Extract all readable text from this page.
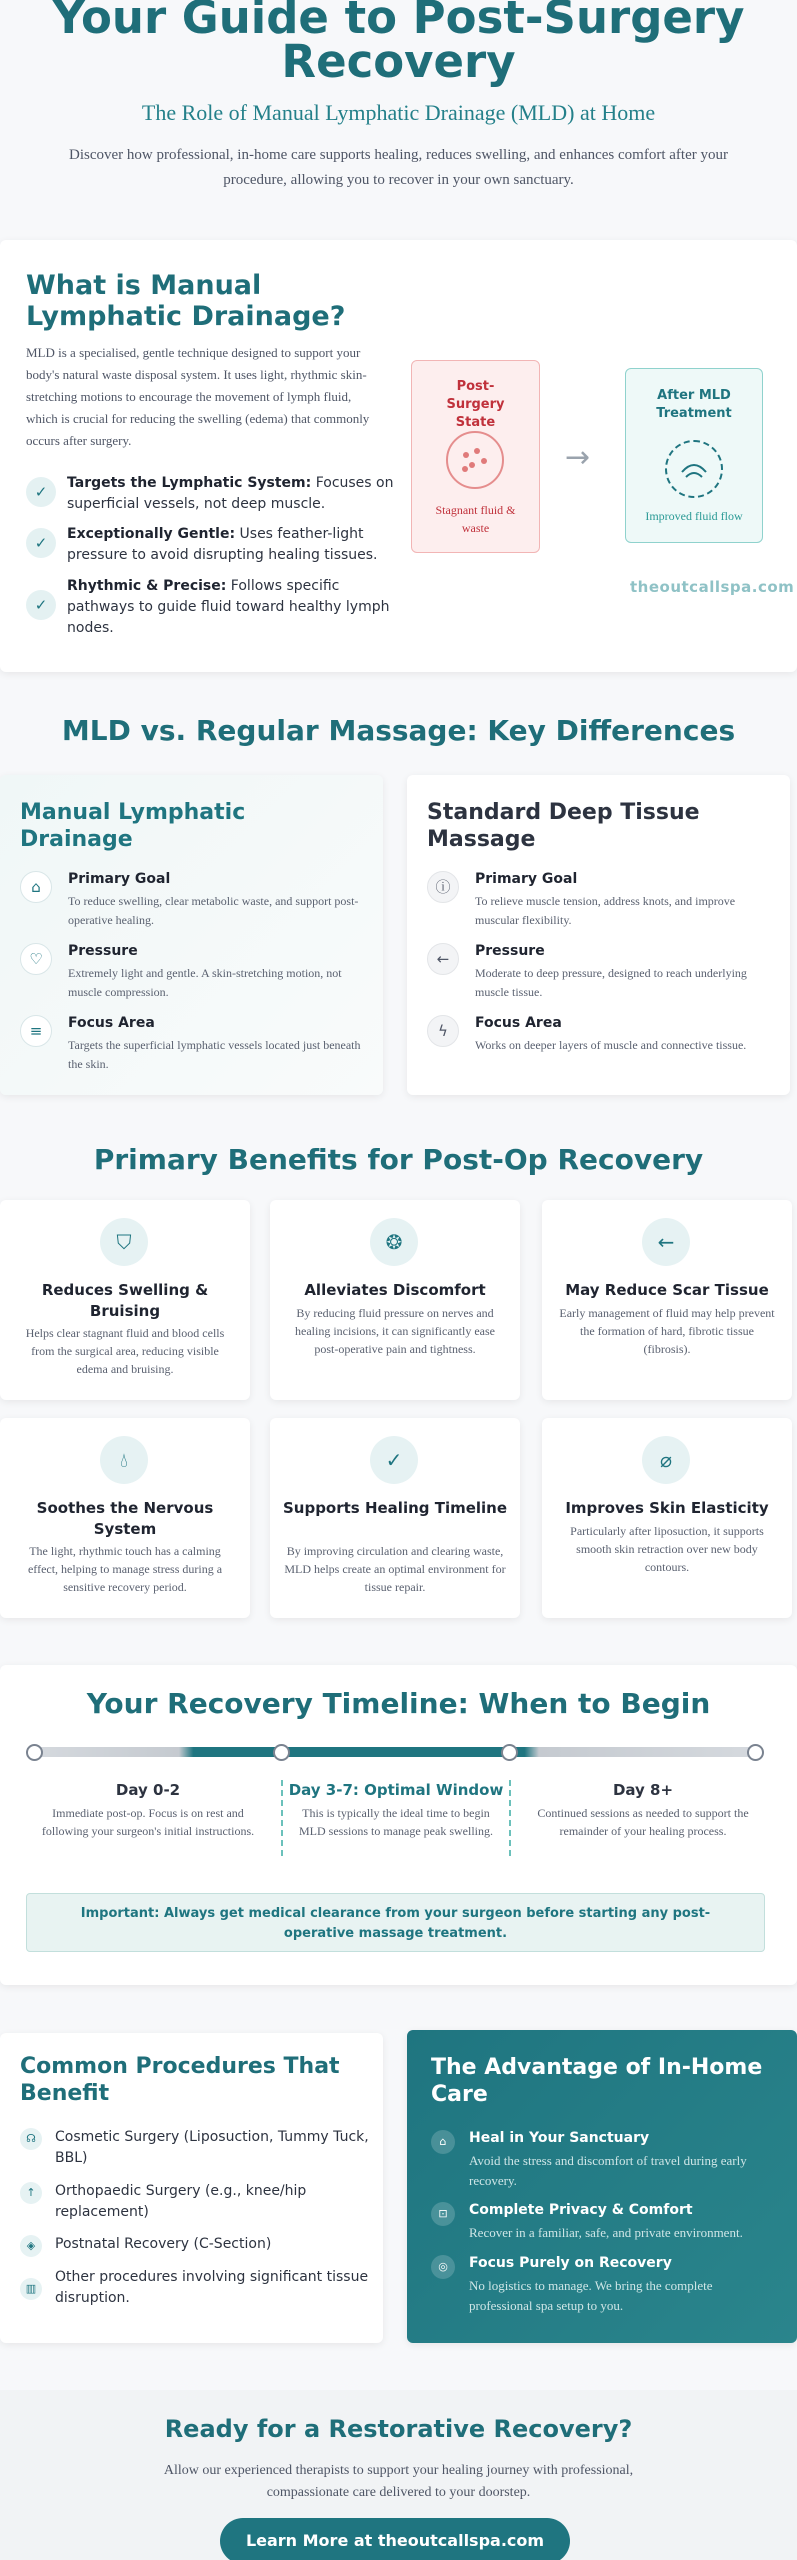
Your Guide to Post-Surgery Recovery
The Role of Manual Lymphatic Drainage (MLD) at Home
Discover how professional, in-home care supports healing, reduces swelling, and enhances comfort after your procedure, allowing you to recover in your own sanctuary.
What is Manual Lymphatic Drainage?
MLD is a specialised, gentle technique designed to support your body's natural waste disposal system. It uses light, rhythmic skin-stretching motions to encourage the movement of lymph fluid, which is crucial for reducing the swelling (edema) that commonly occurs after surgery.
✓	Targets the Lymphatic System: Focuses on superficial vessels, not deep muscle.
✓	Exceptionally Gentle: Uses feather-light pressure to avoid disrupting healing tissues.
✓
Rhythmic & Precise: Follows specific pathways to guide fluid toward healthy lymph nodes.
Post-Surgery State
Stagnant fluid & waste
→
After MLD Treatment
Improved fluid flow
theoutcallspa.com
MLD vs. Regular Massage: Key Differences
Manual Lymphatic Drainage
⌂	Primary Goal
To reduce swelling, clear metabolic waste, and support post-operative healing.
♡	Pressure
Extremely light and gentle. A skin-stretching motion, not muscle compression.
≡	Focus Area
Targets the superficial lymphatic vessels located just beneath the skin.
Standard Deep Tissue Massage
ⓘ	Primary Goal
To relieve muscle tension, address knots, and improve muscular flexibility.
←	Pressure
Moderate to deep pressure, designed to reach underlying muscle tissue.
ϟ	Focus Area
Works on deeper layers of muscle and connective tissue.
Primary Benefits for Post-Op Recovery
⛉
Reduces Swelling & Bruising
Helps clear stagnant fluid and blood cells from the surgical area, reducing visible edema and bruising.
❂
Alleviates Discomfort
By reducing fluid pressure on nerves and healing incisions, it can significantly ease post-operative pain and tightness.
←
May Reduce Scar Tissue
Early management of fluid may help prevent the formation of hard, fibrotic tissue (fibrosis).
💧︎
Soothes the Nervous System
The light, rhythmic touch has a calming effect, helping to manage stress during a sensitive recovery period.
✓
Supports Healing Timeline
By improving circulation and clearing waste, MLD helps create an optimal environment for tissue repair.
⌀
Improves Skin Elasticity
Particularly after liposuction, it supports smooth skin retraction over new body contours.
Your Recovery Timeline: When to Begin
Day 0-2
Immediate post-op. Focus is on rest and following your surgeon's initial instructions.
Day 3-7: Optimal Window
This is typically the ideal time to begin MLD sessions to manage peak swelling.
Day 8+
Continued sessions as needed to support the remainder of your healing process.
Important: Always get medical clearance from your surgeon before starting any post-operative massage treatment.
Common Procedures That Benefit
☊	Cosmetic Surgery (Liposuction, Tummy Tuck, BBL)
↑	Orthopaedic Surgery (e.g., knee/hip replacement)
◈	Postnatal Recovery (C-Section)
▥
Other procedures involving significant tissue disruption.
The Advantage of In-Home Care
⌂	Heal in Your Sanctuary
Avoid the stress and discomfort of travel during early recovery.
⊡	Complete Privacy & Comfort
Recover in a familiar, safe, and private environment.
◎	Focus Purely on Recovery
No logistics to manage. We bring the complete professional spa setup to you.
Ready for a Restorative Recovery?

Allow our experienced therapists to support your healing journey with professional, compassionate care delivered to your doorstep.

Learn More at theoutcallspa.com
